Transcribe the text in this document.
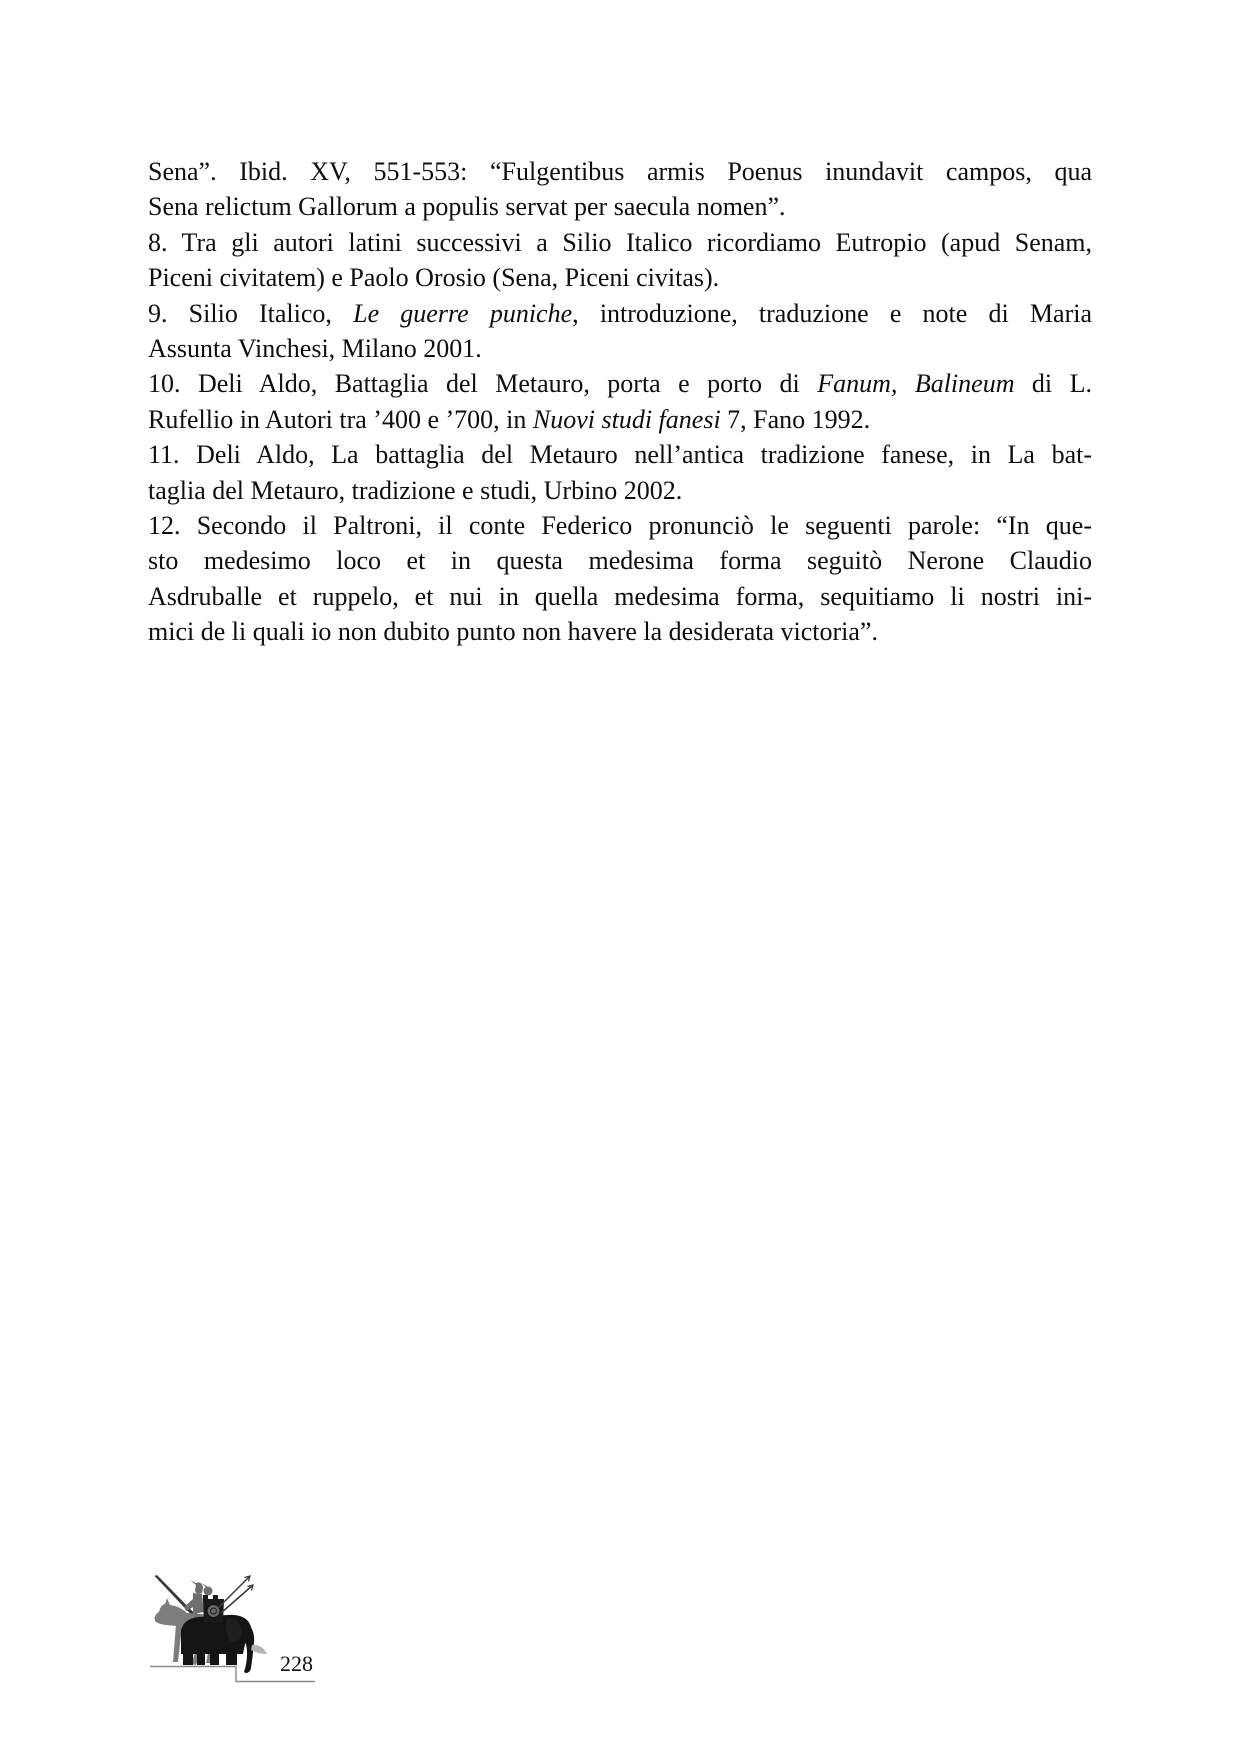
Sena”. Ibid. XV, 551-553: “Fulgentibus armis Poenus inundavit campos, qua
Sena relictum Gallorum a populis servat per saecula nomen”.
8. Tra gli autori latini successivi a Silio Italico ricordiamo Eutropio (apud Senam,
Piceni civitatem) e Paolo Orosio (Sena, Piceni civitas).
9. Silio Italico, Le guerre puniche, introduzione, traduzione e note di Maria
Assunta Vinchesi, Milano 2001.
10. Deli Aldo, Battaglia del Metauro, porta e porto di Fanum, Balineum di L.
Rufellio in Autori tra ’400 e ’700, in Nuovi studi fanesi 7, Fano 1992.
11. Deli Aldo, La battaglia del Metauro nell’antica tradizione fanese, in La bat-
taglia del Metauro, tradizione e studi, Urbino 2002.
12. Secondo il Paltroni, il conte Federico pronunciò le seguenti parole: “In que-
sto medesimo loco et in questa medesima forma seguitò Nerone Claudio
Asdruballe et ruppelo, et nui in quella medesima forma, sequitiamo li nostri ini-
mici de li quali io non dubito punto non havere la desiderata victoria”.
228
